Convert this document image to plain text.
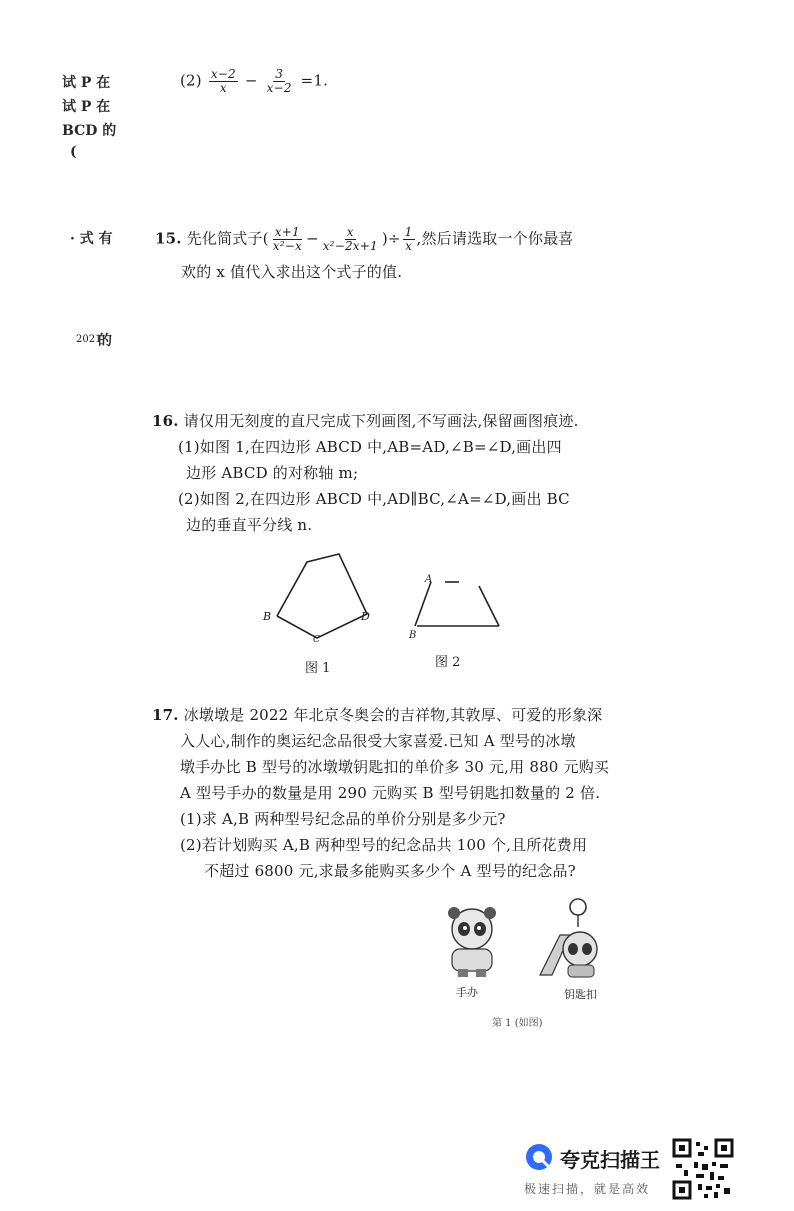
试 P 在
试 P 在
BCD 的
(
· 式 有
2021
的
$(2) \frac{x-2}{x} - \frac{3}{x-2} =1$.
15. 先化简式子( $\frac{x+1}{\text{x²−x}} - \frac{x}{\text{x²−2x+1}}$ )÷ $\frac{1}{x}$ ,然后请选取一个你最喜
欢的 x 值代入求出这个式子的值.
16. 请仅用无刻度的直尺完成下列画图,不写画法,保留画图痕迹.
(1)如图 1,在四边形 ABCD 中,AB=AD,∠B=∠D,画出四
边形 ABCD 的对称轴 m;
(2)如图 2,在四边形 ABCD 中,AD∥BC,∠A=∠D,画出 BC
边的垂直平分线 n.
B	D
C
图 1
A
B
图 2
17. 冰墩墩是 2022 年北京冬奥会的吉祥物,其敦厚、可爱的形象深
入人心,制作的奥运纪念品很受大家喜爱.已知 A 型号的冰墩
墩手办比 B 型号的冰墩墩钥匙扣的单价多 30 元,用 880 元购买
A 型号手办的数量是用 290 元购买 B 型号钥匙扣数量的 2 倍.
(1)求 A,B 两种型号纪念品的单价分别是多少元?
(2)若计划购买 A,B 两种型号的纪念品共 100 个,且所花费用
不超过 6800 元,求最多能购买多少个 A 型号的纪念品?
手办	钥匙扣
第 1 (如图)
夸克扫描王
极速扫描，就是高效
